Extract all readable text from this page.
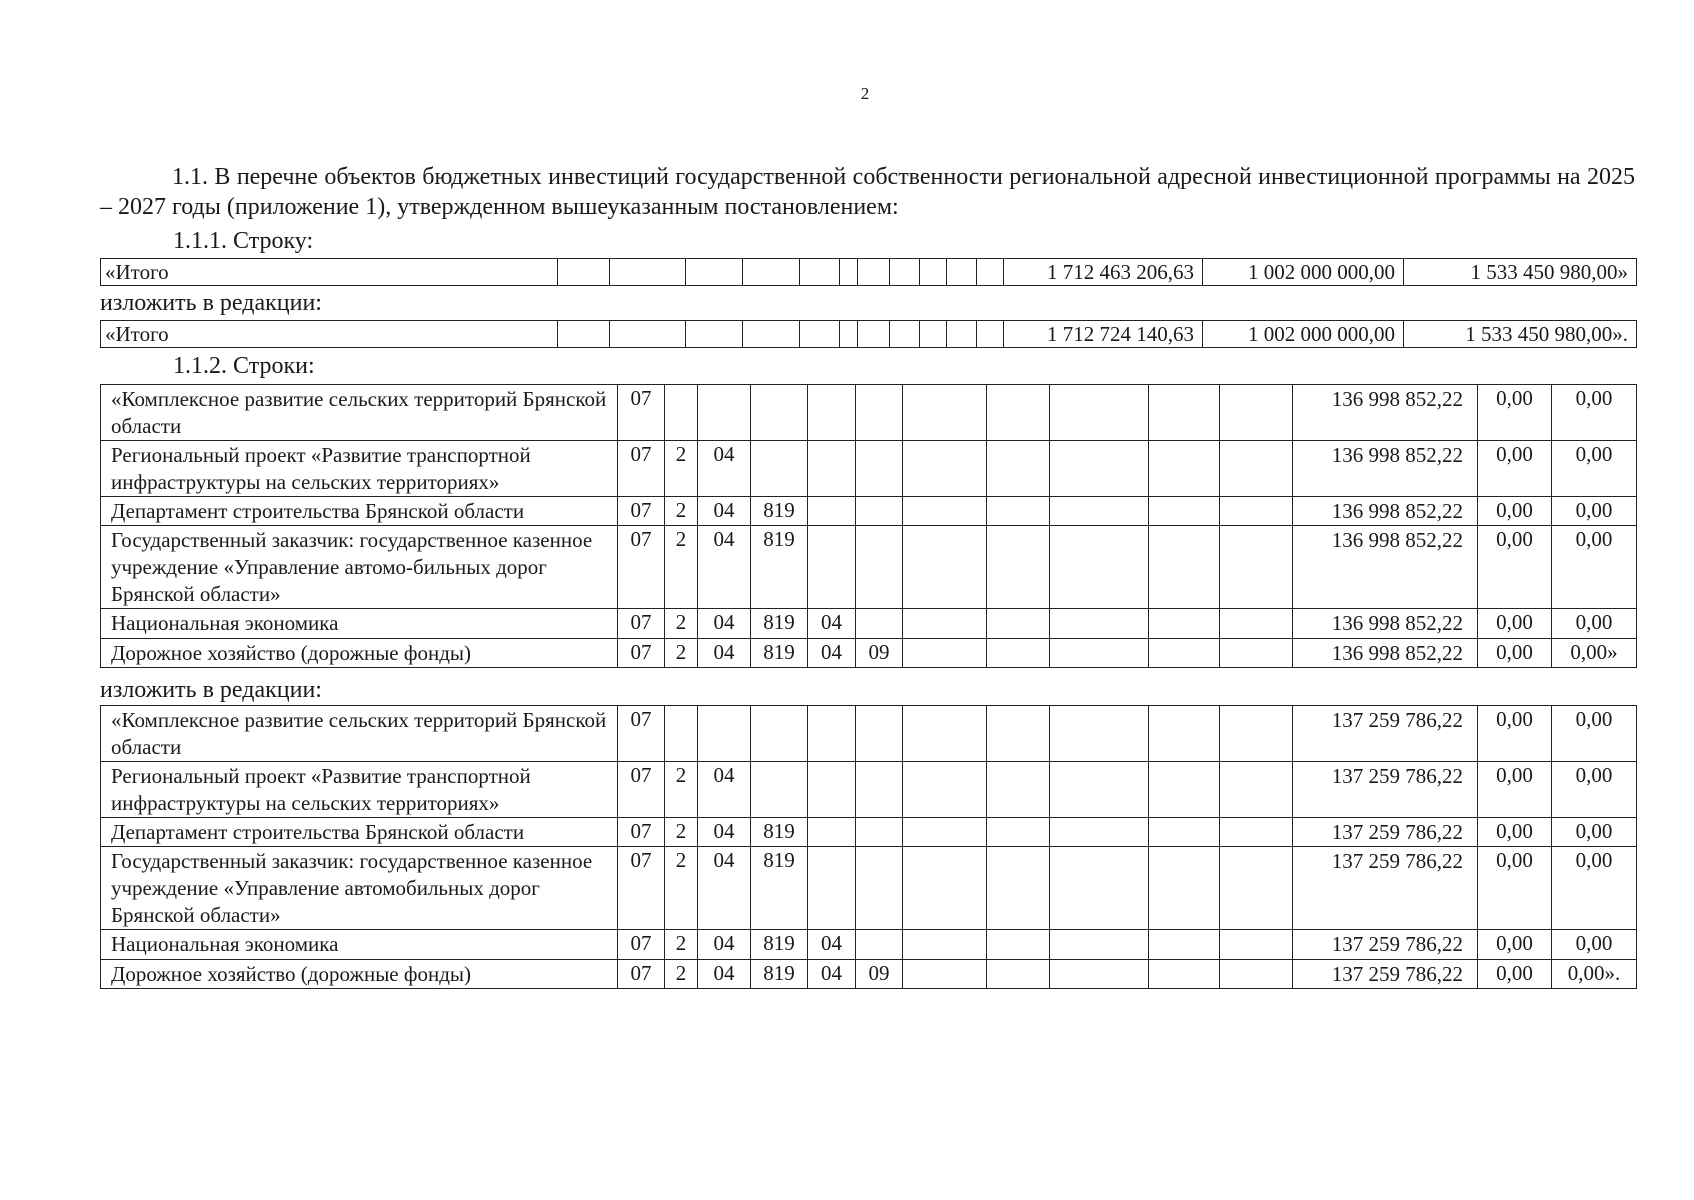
2
1.1. В перечне объектов бюджетных инвестиций государственной собственности региональной адресной инвестиционной программы на 2025 – 2027 годы (приложение 1), утвержденном вышеуказанным постановлением:
1.1.1. Строку:
«Итого												1 712 463 206,63	1 002 000 000,00	1 533 450 980,00»
изложить в редакции:
«Итого												1 712 724 140,63	1 002 000 000,00	1 533 450 980,00».
1.1.2. Строки:
«Комплексное развитие сельских территорий Брянской области	07											136 998 852,22	0,00	0,00
Региональный проект «Развитие транспортной инфраструктуры на сельских территориях»	07	2	04									136 998 852,22	0,00	0,00
Департамент строительства Брянской области	07	2	04	819								136 998 852,22	0,00	0,00
Государственный заказчик: государственное казенное учреждение «Управление автомо-бильных дорог Брянской области»	07	2	04	819								136 998 852,22	0,00	0,00
Национальная экономика	07	2	04	819	04							136 998 852,22	0,00	0,00
Дорожное хозяйство (дорожные фонды)	07	2	04	819	04	09						136 998 852,22	0,00	0,00»
изложить в редакции:
«Комплексное развитие сельских территорий Брянской области	07											137 259 786,22	0,00	0,00
Региональный проект «Развитие транспортной инфраструктуры на сельских территориях»	07	2	04									137 259 786,22	0,00	0,00
Департамент строительства Брянской области	07	2	04	819								137 259 786,22	0,00	0,00
Государственный заказчик: государственное казенное учреждение «Управление автомобильных дорог Брянской области»	07	2	04	819								137 259 786,22	0,00	0,00
Национальная экономика	07	2	04	819	04							137 259 786,22	0,00	0,00
Дорожное хозяйство (дорожные фонды)	07	2	04	819	04	09						137 259 786,22	0,00	0,00».
